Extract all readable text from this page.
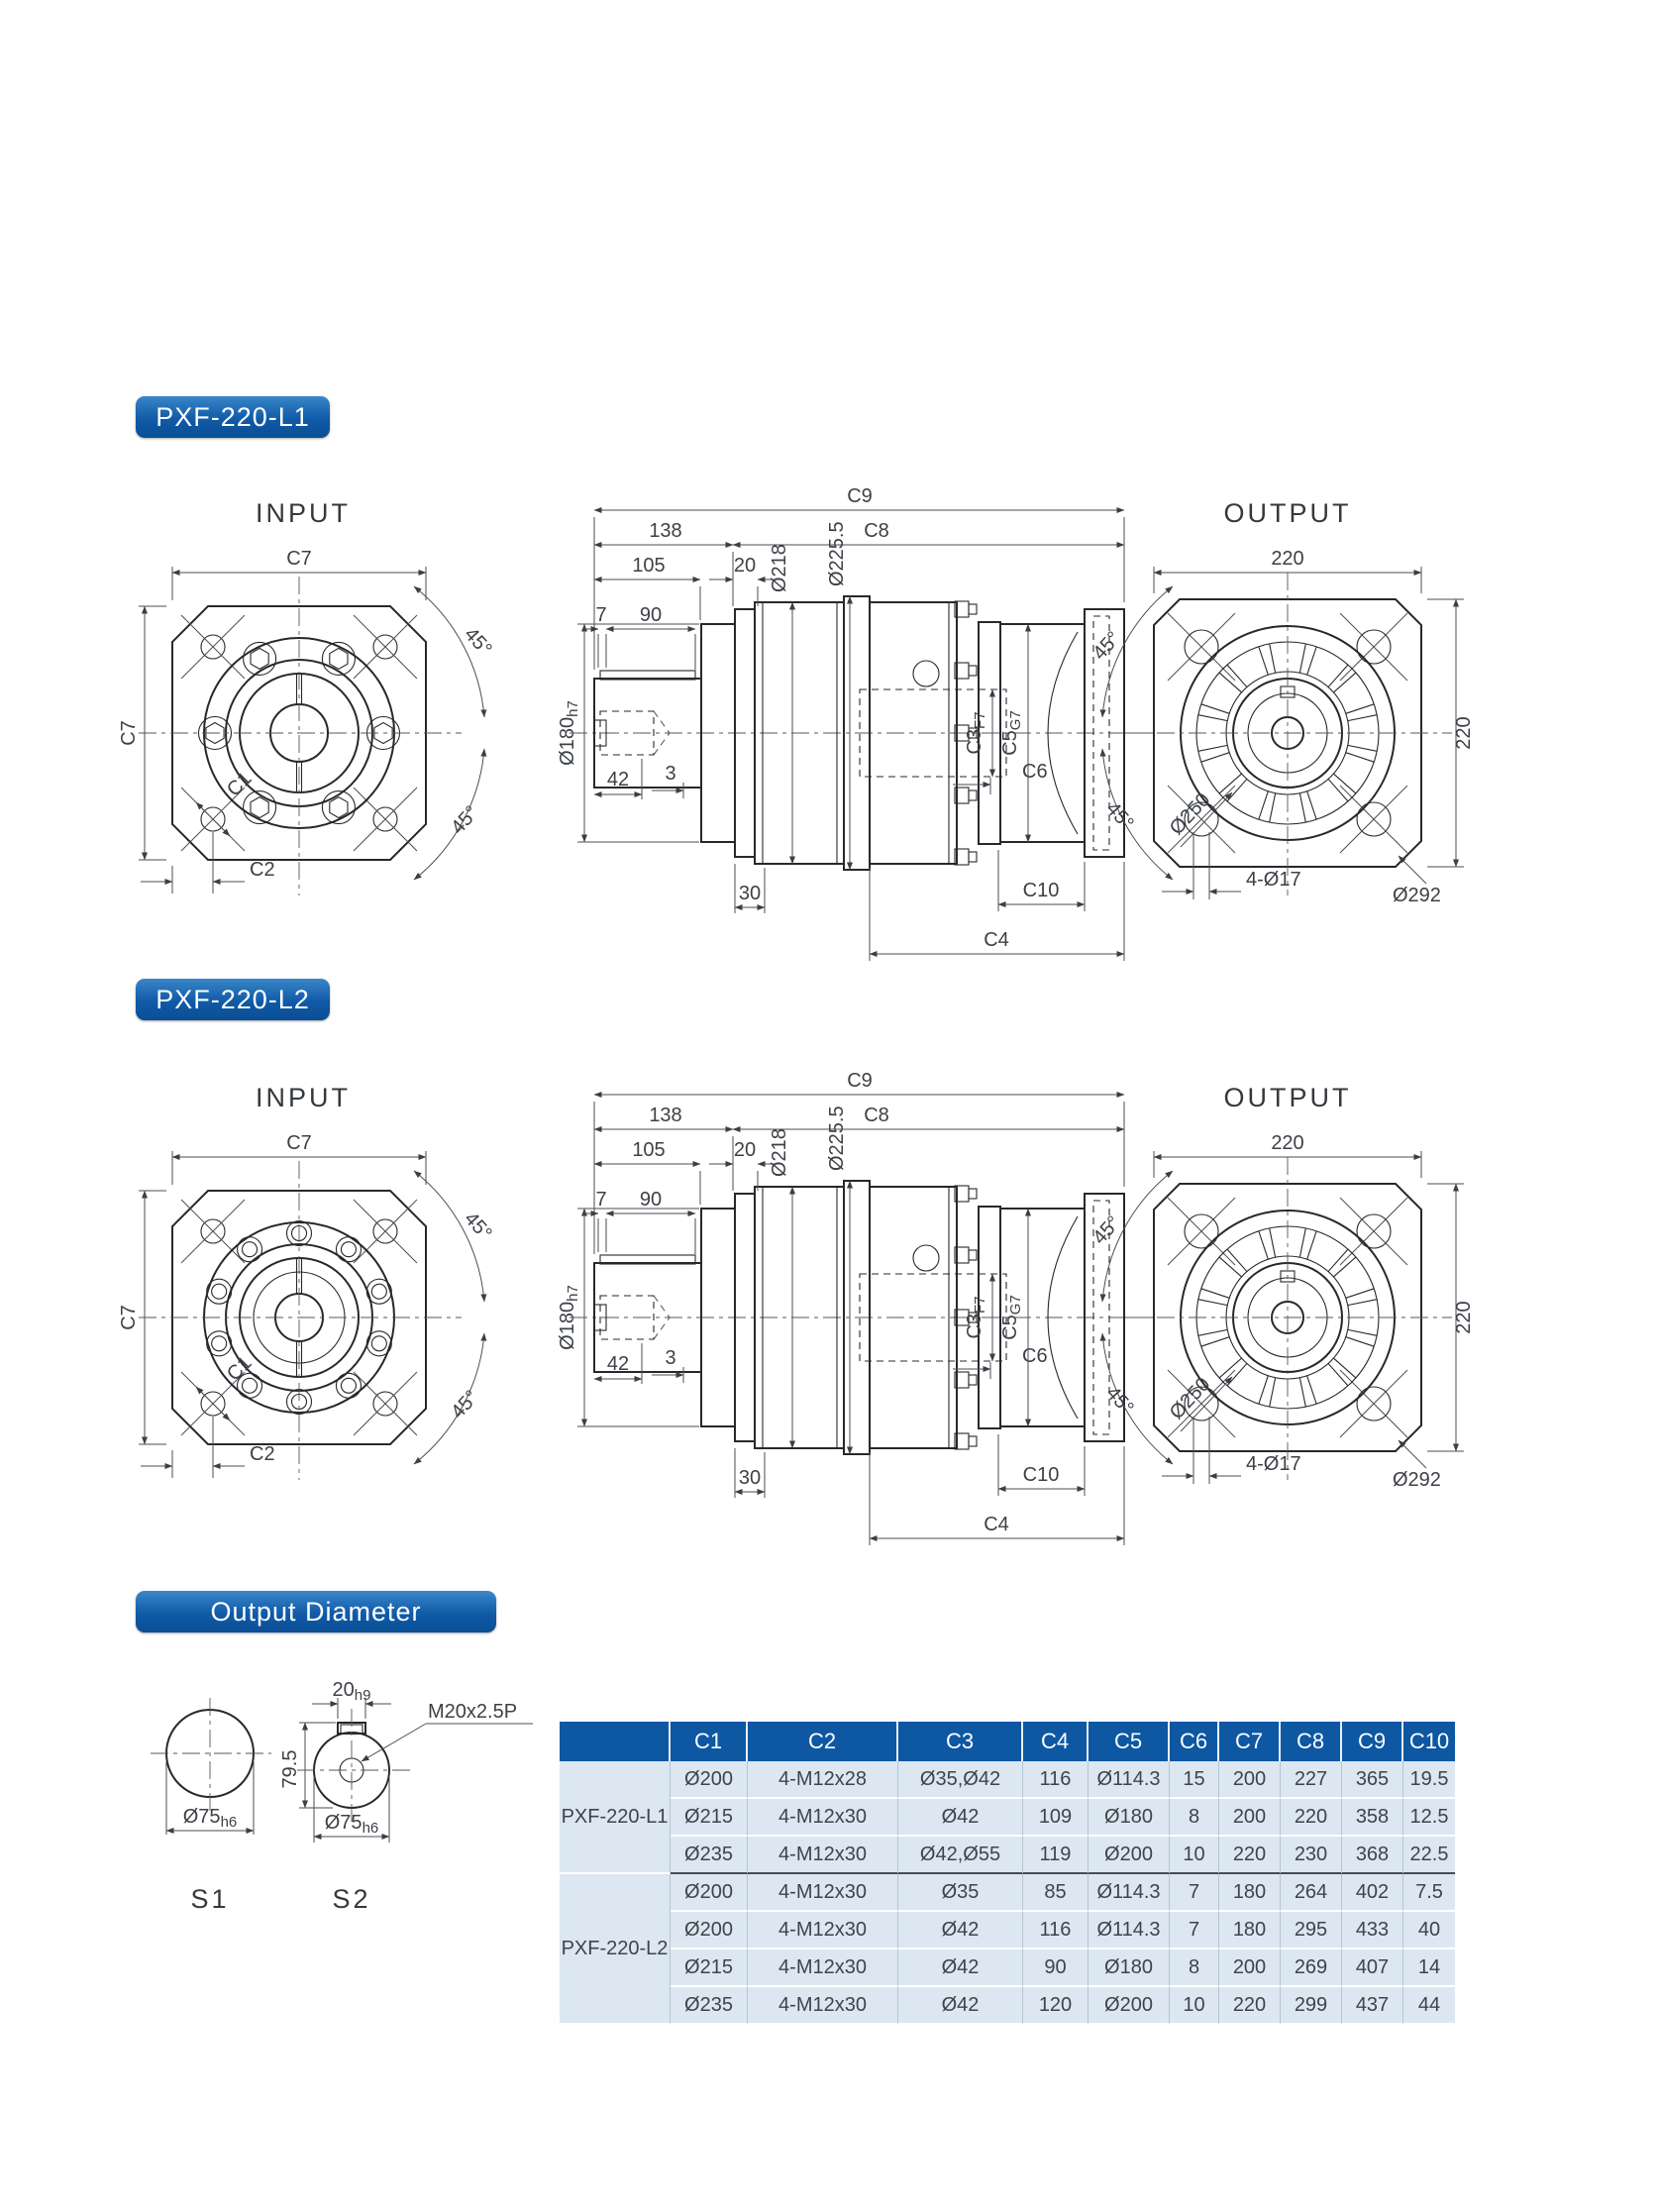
PXF-220-L1
INPUT	OUTPUT
C7
C7
C2
C1
45°
45°
C9
138	C8
105	20 Ø218 Ø225.5
$Ø180_{h7}$
7 90
42 3
30	C10
C4
C6
$C3_{F7}$
$C5_{G7}$
220
220
45°
45° Ø250
4-Ø17
Ø292
PXF-220-L2
INPUT	OUTPUT
C7
C7
C2
C1
45°
45°
C9
138	C8
105	20 Ø218 Ø225.5
$Ø180_{h7}$
7 90
42 3
30	C10
C4
C6
$C3_{F7}$
$C5_{G7}$
220
220
45°
45° Ø250
4-Ø17
Ø292
Output Diameter
$Ø75_{h6}$
S1
$20_{h9}$
M20x2.5P
79.5
$Ø75_{h6}$
S2
	C1	C2	C3	C4	C5	C6	C7	C8	C9	C10
PXF-220-L1	Ø200	4-M12x28	Ø35,Ø42	116	Ø114.3	15	200	227	365	19.5
	Ø215	4-M12x30	Ø42	109	Ø180	8	200	220	358	12.5
	Ø235	4-M12x30	Ø42,Ø55	119	Ø200	10	220	230	368	22.5
PXF-220-L2	Ø200	4-M12x30	Ø35	85	Ø114.3	7	180	264	402	7.5
	Ø200	4-M12x30	Ø42	116	Ø114.3	7	180	295	433	40
	Ø215	4-M12x30	Ø42	90	Ø180	8	200	269	407	14
	Ø235	4-M12x30	Ø42	120	Ø200	10	220	299	437	44
